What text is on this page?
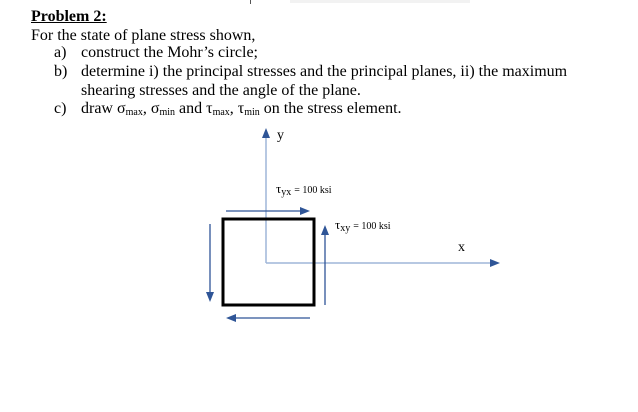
Problem 2:
For the state of plane stress shown,
a) construct the Mohr’s circle;
b) determine i) the principal stresses and the principal planes, ii) the maximum
shearing stresses and the angle of the plane.
c) draw $\sigma_{max}$, $\sigma_{min}$ and $\tau_{max}$, $\tau_{min}$ on the stress element.
y
x
τyx = 100 ksi
τxy = 100 ksi
